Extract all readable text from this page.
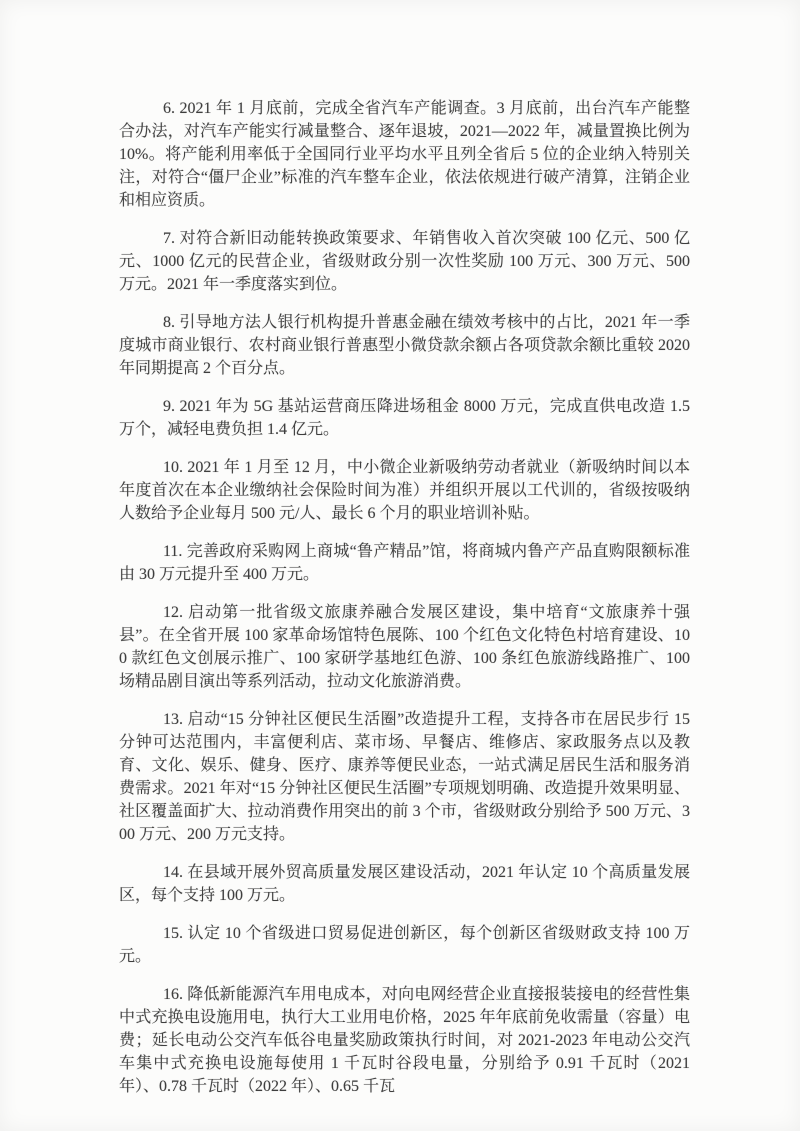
6. 2021 年 1 月底前，完成全省汽车产能调查。3 月底前，出台汽车产能整合办法，对汽车产能实行减量整合、逐年退坡，2021—2022 年，减量置换比例为 10%。将产能利用率低于全国同行业平均水平且列全省后 5 位的企业纳入特别关注，对符合“僵尸企业”标准的汽车整车企业，依法依规进行破产清算，注销企业和相应资质。

7. 对符合新旧动能转换政策要求、年销售收入首次突破 100 亿元、500 亿元、1000 亿元的民营企业，省级财政分别一次性奖励 100 万元、300 万元、500 万元。2021 年一季度落实到位。

8. 引导地方法人银行机构提升普惠金融在绩效考核中的占比，2021 年一季度城市商业银行、农村商业银行普惠型小微贷款余额占各项贷款余额比重较 2020 年同期提高 2 个百分点。

9. 2021 年为 5G 基站运营商压降进场租金 8000 万元，完成直供电改造 1.5 万个，减轻电费负担 1.4 亿元。

10. 2021 年 1 月至 12 月，中小微企业新吸纳劳动者就业（新吸纳时间以本年度首次在本企业缴纳社会保险时间为准）并组织开展以工代训的，省级按吸纳人数给予企业每月 500 元/人、最长 6 个月的职业培训补贴。

11. 完善政府采购网上商城“鲁产精品”馆，将商城内鲁产产品直购限额标准由 30 万元提升至 400 万元。

12. 启动第一批省级文旅康养融合发展区建设，集中培育“文旅康养十强县”。在全省开展 100 家革命场馆特色展陈、100 个红色文化特色村培育建设、100 款红色文创展示推广、100 家研学基地红色游、100 条红色旅游线路推广、100 场精品剧目演出等系列活动，拉动文化旅游消费。

13. 启动“15 分钟社区便民生活圈”改造提升工程，支持各市在居民步行 15 分钟可达范围内，丰富便利店、菜市场、早餐店、维修店、家政服务点以及教育、文化、娱乐、健身、医疗、康养等便民业态，一站式满足居民生活和服务消费需求。2021 年对“15 分钟社区便民生活圈”专项规划明确、改造提升效果明显、社区覆盖面扩大、拉动消费作用突出的前 3 个市，省级财政分别给予 500 万元、300 万元、200 万元支持。

14. 在县域开展外贸高质量发展区建设活动，2021 年认定 10 个高质量发展区，每个支持 100 万元。

15. 认定 10 个省级进口贸易促进创新区，每个创新区省级财政支持 100 万元。

16. 降低新能源汽车用电成本，对向电网经营企业直接报装接电的经营性集中式充换电设施用电，执行大工业用电价格，2025 年年底前免收需量（容量）电费；延长电动公交汽车低谷电量奖励政策执行时间，对 2021-2023 年电动公交汽车集中式充换电设施每使用 1 千瓦时谷段电量，分别给予 0.91 千瓦时（2021 年）、0.78 千瓦时（2022 年）、0.65 千瓦
